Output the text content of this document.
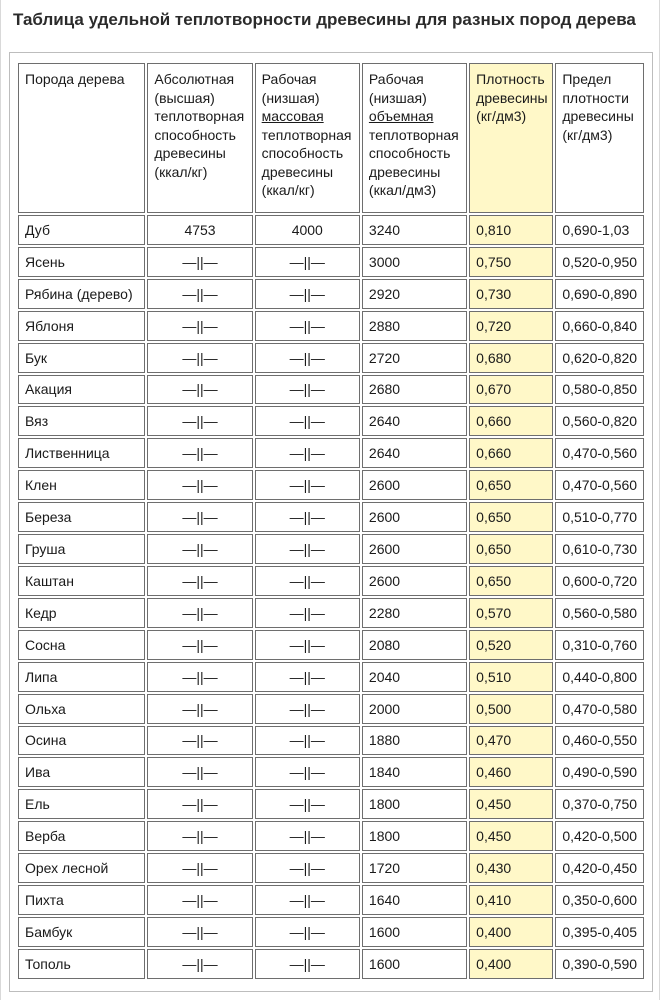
Таблица удельной теплотворности древесины для разных пород дерева
Порода дерева	Абсолютная (высшая) теплотворная способность древесины (ккал/кг)	Рабочая (низшая) массовая теплотворная способность древесины (ккал/кг)	Рабочая (низшая) объемная теплотворная способность древесины (ккал/дм3)	Плотность древесины (кг/дм3)	Предел плотности древесины (кг/дм3)
Дуб	4753	4000	3240	0,810	0,690-1,03
Ясень	—||—	—||—	3000	0,750	0,520-0,950
Рябина (дерево)	—||—	—||—	2920	0,730	0,690-0,890
Яблоня	—||—	—||—	2880	0,720	0,660-0,840
Бук	—||—	—||—	2720	0,680	0,620-0,820
Акация	—||—	—||—	2680	0,670	0,580-0,850
Вяз	—||—	—||—	2640	0,660	0,560-0,820
Лиственница	—||—	—||—	2640	0,660	0,470-0,560
Клен	—||—	—||—	2600	0,650	0,470-0,560
Береза	—||—	—||—	2600	0,650	0,510-0,770
Груша	—||—	—||—	2600	0,650	0,610-0,730
Каштан	—||—	—||—	2600	0,650	0,600-0,720
Кедр	—||—	—||—	2280	0,570	0,560-0,580
Сосна	—||—	—||—	2080	0,520	0,310-0,760
Липа	—||—	—||—	2040	0,510	0,440-0,800
Ольха	—||—	—||—	2000	0,500	0,470-0,580
Осина	—||—	—||—	1880	0,470	0,460-0,550
Ива	—||—	—||—	1840	0,460	0,490-0,590
Ель	—||—	—||—	1800	0,450	0,370-0,750
Верба	—||—	—||—	1800	0,450	0,420-0,500
Орех лесной	—||—	—||—	1720	0,430	0,420-0,450
Пихта	—||—	—||—	1640	0,410	0,350-0,600
Бамбук	—||—	—||—	1600	0,400	0,395-0,405
Тополь	—||—	—||—	1600	0,400	0,390-0,590
